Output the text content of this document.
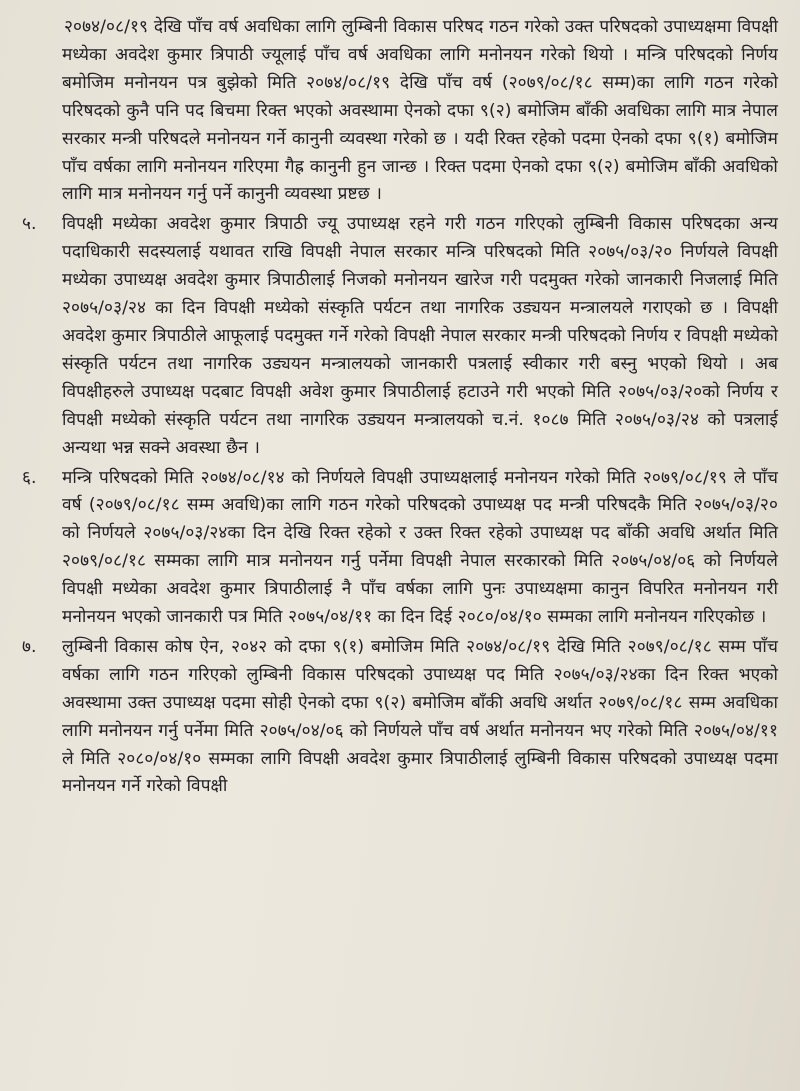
२०७४/०८/१९ देखि पाँच वर्ष अवधिका लागि लुम्बिनी विकास परिषद गठन गरेको उक्त परिषदको उपाध्यक्षमा विपक्षी मध्येका अवदेश कुमार त्रिपाठी ज्यूलाई पाँच वर्ष अवधिका लागि मनोनयन गरेको थियो । मन्त्रि परिषदको निर्णय बमोजिम मनोनयन पत्र बुझेको मिति २०७४/०८/१९ देखि पाँच वर्ष (२०७९/०८/१८ सम्म)का लागि गठन गरेको परिषदको कुनै पनि पद बिचमा रिक्त भएको अवस्थामा ऐनको दफा ९(२) बमोजिम बाँकी अवधिका लागि मात्र नेपाल सरकार मन्त्री परिषदले मनोनयन गर्ने कानुनी व्यवस्था गरेको छ । यदी रिक्त रहेको पदमा ऐनको दफा ९(१) बमोजिम पाँच वर्षका लागि मनोनयन गरिएमा गैह्र कानुनी हुन जान्छ । रिक्त पदमा ऐनको दफा ९(२) बमोजिम बाँकी अवधिको लागि मात्र मनोनयन गर्नु पर्ने कानुनी व्यवस्था प्रष्टछ ।

५.	विपक्षी मध्येका अवदेश कुमार त्रिपाठी ज्यू उपाध्यक्ष रहने गरी गठन गरिएको लुम्बिनी विकास परिषदका अन्य पदाधिकारी सदस्यलाई यथावत राखि विपक्षी नेपाल सरकार मन्त्रि परिषदको मिति २०७५/०३/२० निर्णयले विपक्षी मध्येका उपाध्यक्ष अवदेश कुमार त्रिपाठीलाई निजको मनोनयन खारेज गरी पदमुक्त गरेको जानकारी निजलाई मिति २०७५/०३/२४ का दिन विपक्षी मध्येको संस्कृति पर्यटन तथा नागरिक उड्ययन मन्त्रालयले गराएको छ । विपक्षी अवदेश कुमार त्रिपाठीले आफूलाई पदमुक्त गर्ने गरेको विपक्षी नेपाल सरकार मन्त्री परिषदको निर्णय र विपक्षी मध्येको संस्कृति पर्यटन तथा नागरिक उड्ययन मन्त्रालयको जानकारी पत्रलाई स्वीकार गरी बस्नु भएको थियो । अब विपक्षीहरुले उपाध्यक्ष पदबाट विपक्षी अवेश कुमार त्रिपाठीलाई हटाउने गरी भएको मिति २०७५/०३/२०को निर्णय र विपक्षी मध्येको संस्कृति पर्यटन तथा नागरिक उड्ययन मन्त्रालयको च.नं. १०८७ मिति २०७५/०३/२४ को पत्रलाई अन्यथा भन्न सक्ने अवस्था छैन ।

६.	मन्त्रि परिषदको मिति २०७४/०८/१४ को निर्णयले विपक्षी उपाध्यक्षलाई मनोनयन गरेको मिति २०७९/०८/१९ ले पाँच वर्ष (२०७९/०८/१८ सम्म अवधि)का लागि गठन गरेको परिषदको उपाध्यक्ष पद मन्त्री परिषदकै मिति २०७५/०३/२० को निर्णयले २०७५/०३/२४का दिन देखि रिक्त रहेको र उक्त रिक्त रहेको उपाध्यक्ष पद बाँकी अवधि अर्थात मिति २०७९/०८/१८ सम्मका लागि मात्र मनोनयन गर्नु पर्नेमा विपक्षी नेपाल सरकारको मिति २०७५/०४/०६ को निर्णयले विपक्षी मध्येका अवदेश कुमार त्रिपाठीलाई नै पाँच वर्षका लागि पुनः उपाध्यक्षमा कानुन विपरित मनोनयन गरी मनोनयन भएको जानकारी पत्र मिति २०७५/०४/११ का दिन दिई २०८०/०४/१० सम्मका लागि मनोनयन गरिएकोछ ।

७.	लुम्बिनी विकास कोष ऐन, २०४२ को दफा ९(१) बमोजिम मिति २०७४/०८/१९ देखि मिति २०७९/०८/१८ सम्म पाँच वर्षका लागि गठन गरिएको लुम्बिनी विकास परिषदको उपाध्यक्ष पद मिति २०७५/०३/२४का दिन रिक्त भएको अवस्थामा उक्त उपाध्यक्ष पदमा सोही ऐनको दफा ९(२) बमोजिम बाँकी अवधि अर्थात २०७९/०८/१८ सम्म अवधिका लागि मनोनयन गर्नु पर्नेमा मिति २०७५/०४/०६ को निर्णयले पाँच वर्ष अर्थात मनोनयन भए गरेको मिति २०७५/०४/११ ले मिति २०८०/०४/१० सम्मका लागि विपक्षी अवदेश कुमार त्रिपाठीलाई लुम्बिनी विकास परिषदको उपाध्यक्ष पदमा मनोनयन गर्ने गरेको विपक्षी
